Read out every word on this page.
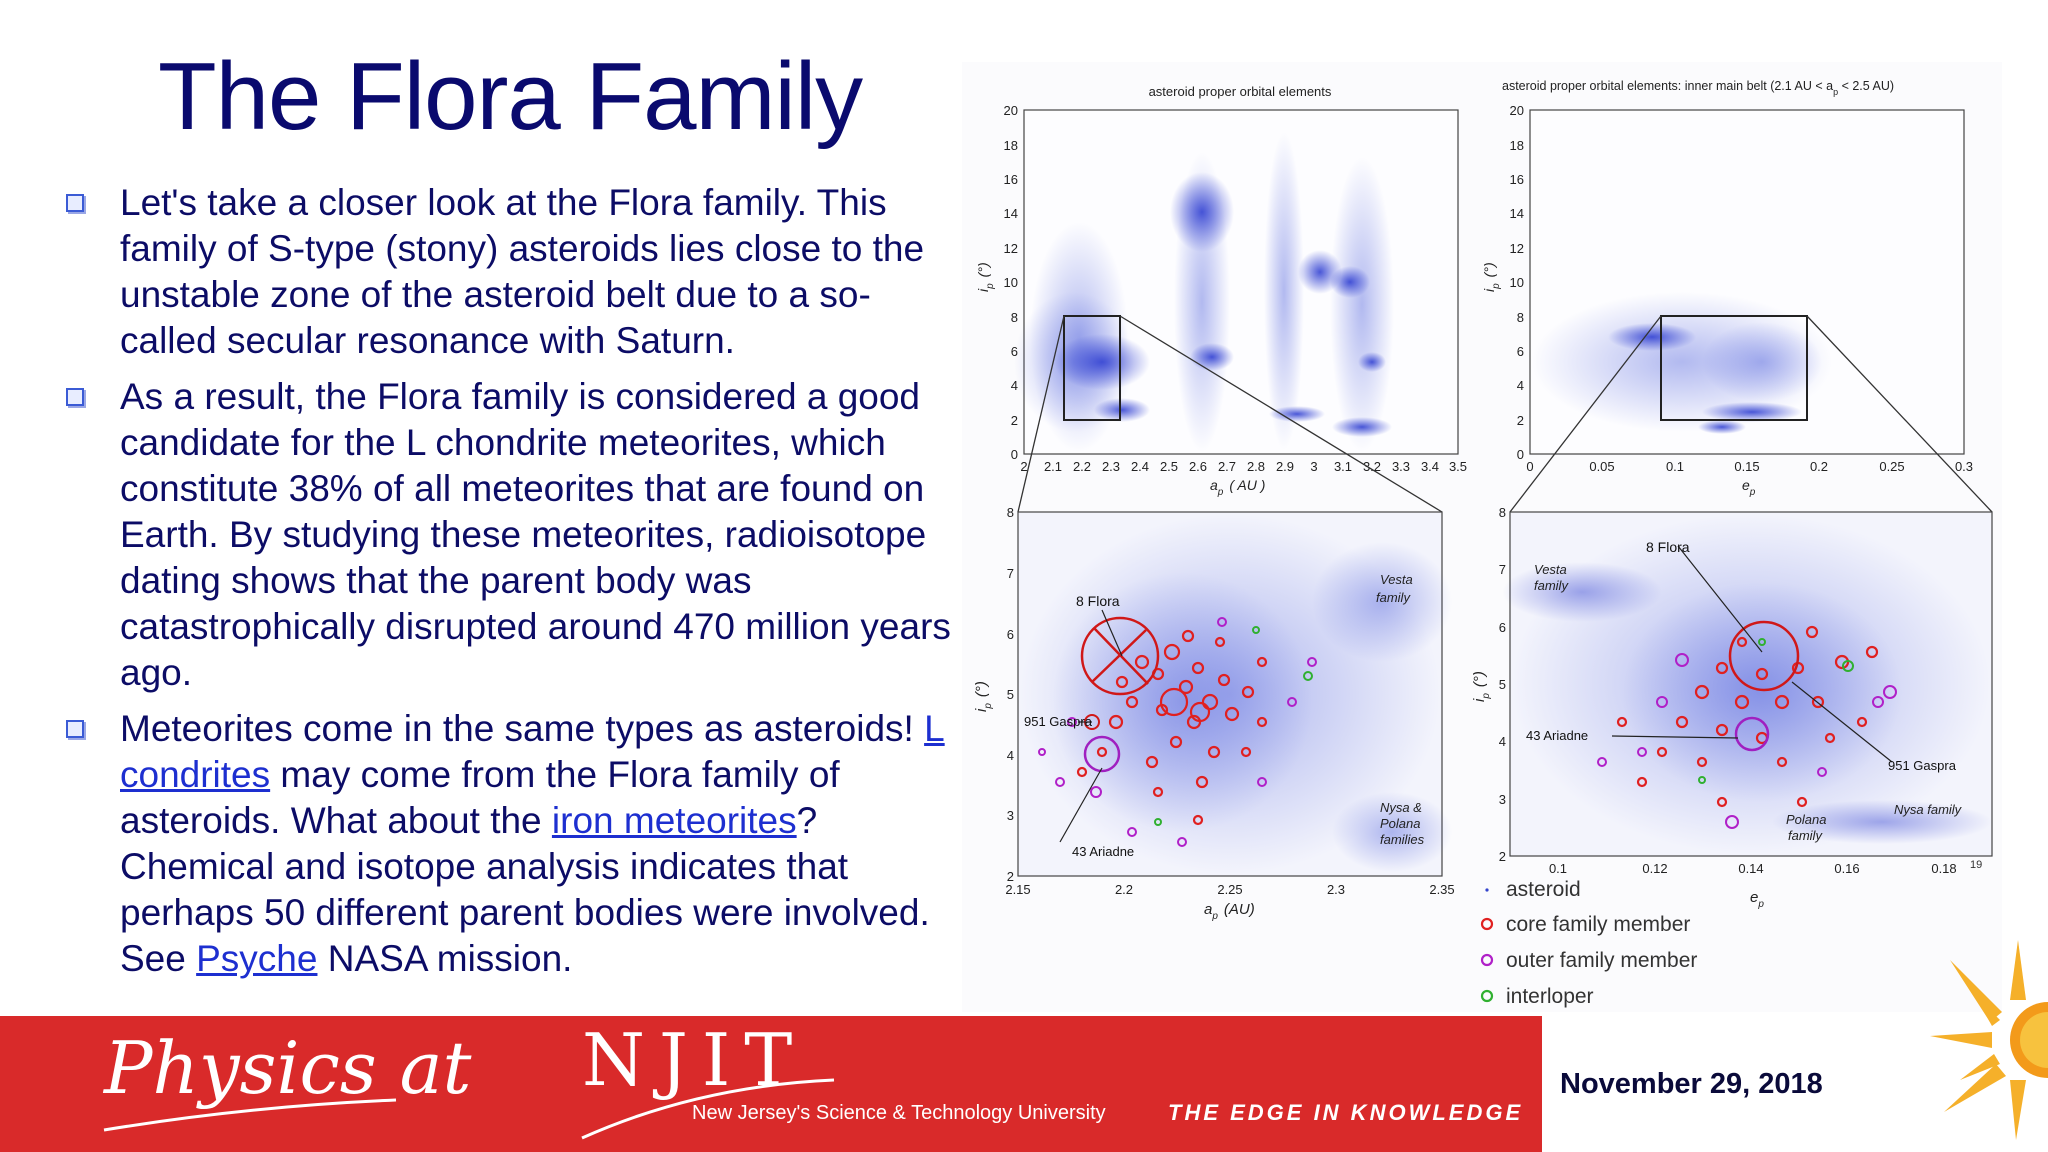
The Flora Family
Let's take a closer look at the Flora family. This family of S-type (stony) asteroids lies close to the unstable zone of the asteroid belt due to a so-called secular resonance with Saturn.
As a result, the Flora family is considered a good candidate for the L chondrite meteorites, which constitute 38% of all meteorites that are found on Earth. By studying these meteorites, radioisotope dating shows that the parent body was catastrophically disrupted around 470 million years ago.
Meteorites come in the same types as asteroids! L condrites may come from the Flora family of asteroids. What about the iron meteorites? Chemical and isotope analysis indicates that perhaps 50 different parent bodies were involved. See Psyche NASA mission.
asteroid proper orbital elements
0
2
4
6
8
10
12
14
16
18
20
2 2.1 2.2 2.3 2.4 2.5 2.6 2.7 2.8 2.9 3 3.1 3.2 3.3 3.4 3.5
$a_p$ ( AU )
$i_p(^\circ)$
asteroid proper orbital elements: inner main belt (2.1 AU < $a_p < 2.5$ AU)
0
2
4
6
8
10
12
14
16
18
20
0	0.05	0.1	0.15	0.2	0.25	0.3
$e_p$
$i_p(^\circ)$
8 Flora
951 Gaspra
43 Ariadne
Vesta
family
Nysa &
Polana
families
2
3
4
5
6
7
8
2.15	2.2	2.25	2.3	2.35
$a_p$ (AU)
$i_p(^\circ)$
8 Flora
43 Ariadne
951 Gaspra
Vesta
family
Polana
family
Nysa family
19
2
3
4
5
6
7
8
0.1	0.12	0.14	0.16	0.18
$e_p$
$i_p(^\circ)$
asteroid
core family member
outer family member
interloper
Physics at NJIT
New Jersey's Science & Technology University	THE EDGE IN KNOWLEDGE
November 29, 2018
